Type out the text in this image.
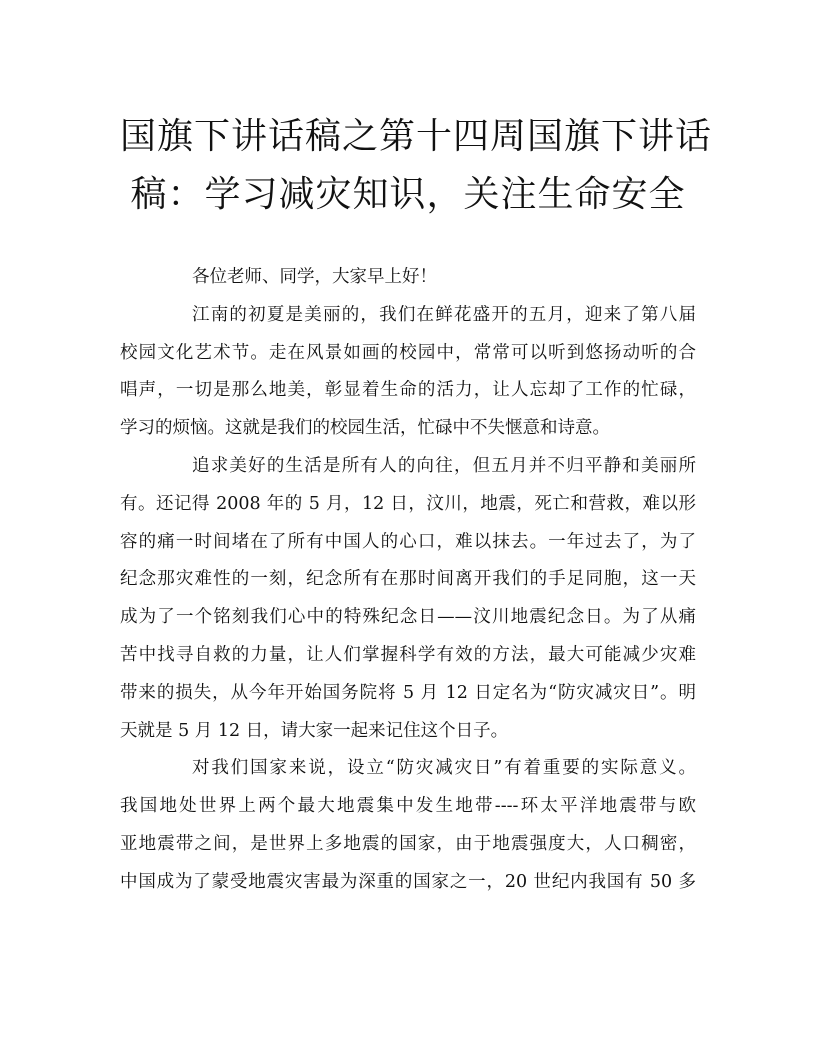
国旗下讲话稿之第十四周国旗下讲话
稿：学习减灾知识，关注生命安全

各位老师、同学，大家早上好！

江南的初夏是美丽的，我们在鲜花盛开的五月，迎来了第八届
校园文化艺术节。走在风景如画的校园中，常常可以听到悠扬动听的合
唱声，一切是那么地美，彰显着生命的活力，让人忘却了工作的忙碌，
学习的烦恼。这就是我们的校园生活，忙碌中不失惬意和诗意。

追求美好的生活是所有人的向往，但五月并不归平静和美丽所
有。还记得 2008 年的 5 月，12 日，汶川，地震，死亡和营救，难以形
容的痛一时间堵在了所有中国人的心口，难以抹去。一年过去了，为了
纪念那灾难性的一刻，纪念所有在那时间离开我们的手足同胞，这一天
成为了一个铭刻我们心中的特殊纪念日——汶川地震纪念日。为了从痛
苦中找寻自救的力量，让人们掌握科学有效的方法，最大可能减少灾难
带来的损失，从今年开始国务院将 5 月 12 日定名为“防灾减灾日”。明
天就是 5 月 12 日，请大家一起来记住这个日子。

对我们国家来说，设立“防灾减灾日”有着重要的实际意义。
我国地处世界上两个最大地震集中发生地带----环太平洋地震带与欧
亚地震带之间，是世界上多地震的国家，由于地震强度大，人口稠密，
中国成为了蒙受地震灾害最为深重的国家之一，20 世纪内我国有 50 多
